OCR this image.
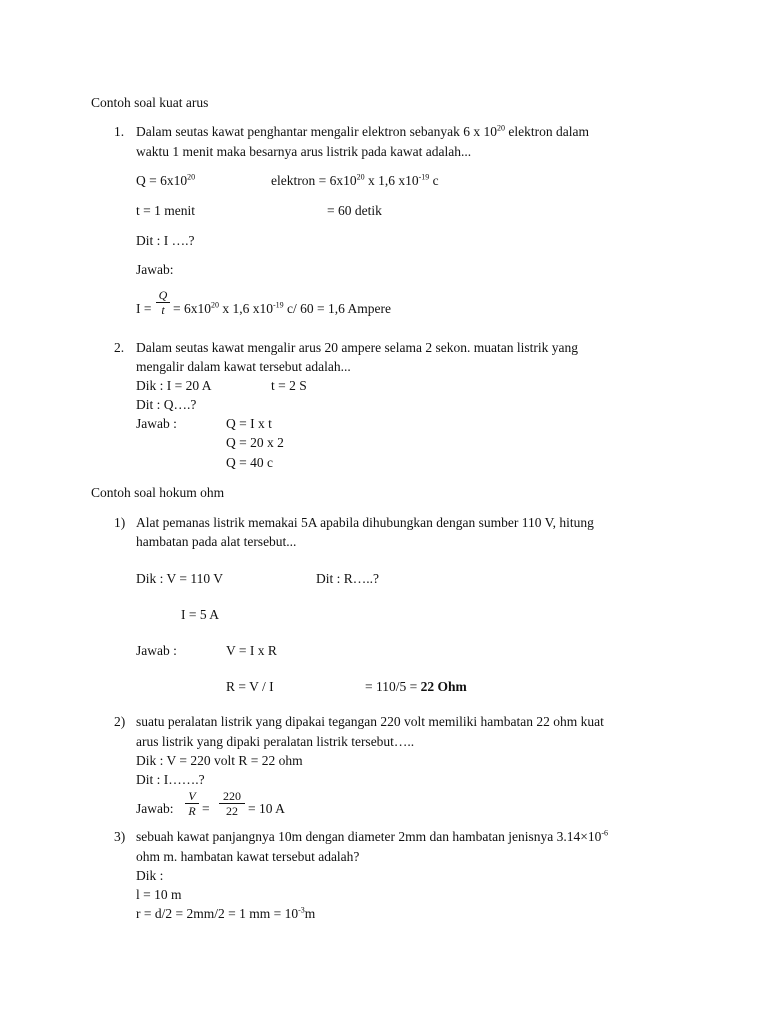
Contoh soal kuat arus
1. Dalam seutas kawat penghantar mengalir elektron sebanyak 6 x $10^{20}$ elektron dalam
waktu 1 menit maka besarnya arus listrik pada kawat adalah...
$Q = 6x10^{20}$	elektron = $6x10^{20}$ x 1,6 $x10^{-19}$ c
t = 1 menit	= 60 detik
Dit : I ….?
Jawab:
$I = \frac{Q}{t} = 6x10^{20}$ x 1,6 $x10^{-19}$ c/ 60 = 1,6 Ampere
2. Dalam seutas kawat mengalir arus 20 ampere selama 2 sekon. muatan listrik yang
mengalir dalam kawat tersebut adalah...
Dik : I = 20 A	t = 2 S
Dit : Q….?
Jawab :	Q = I x t
Q = 20 x 2
Q = 40 c
Contoh soal hokum ohm
1) Alat pemanas listrik memakai 5A apabila dihubungkan dengan sumber 110 V, hitung
hambatan pada alat tersebut...
Dik : V = 110 V	Dit : R…..?
I = 5 A
Jawab :	V = I x R
R = V / I	= 110/5 = 22 Ohm
2) suatu peralatan listrik yang dipakai tegangan 220 volt memiliki hambatan 22 ohm kuat
arus listrik yang dipaki peralatan listrik tersebut…..
Dik : V = 220 volt R = 22 ohm
Dit : I…….?
Jawab: $\frac{V}{R} = \frac{220}{22} = 10$ A
3) sebuah kawat panjangnya 10m dengan diameter 2mm dan hambatan jenisnya $3.14\times 10^{-6}$
ohm m. hambatan kawat tersebut adalah?
Dik :
l = 10 m
r = d/2 = 2mm/2 = 1 mm = $10^{-3}m$
